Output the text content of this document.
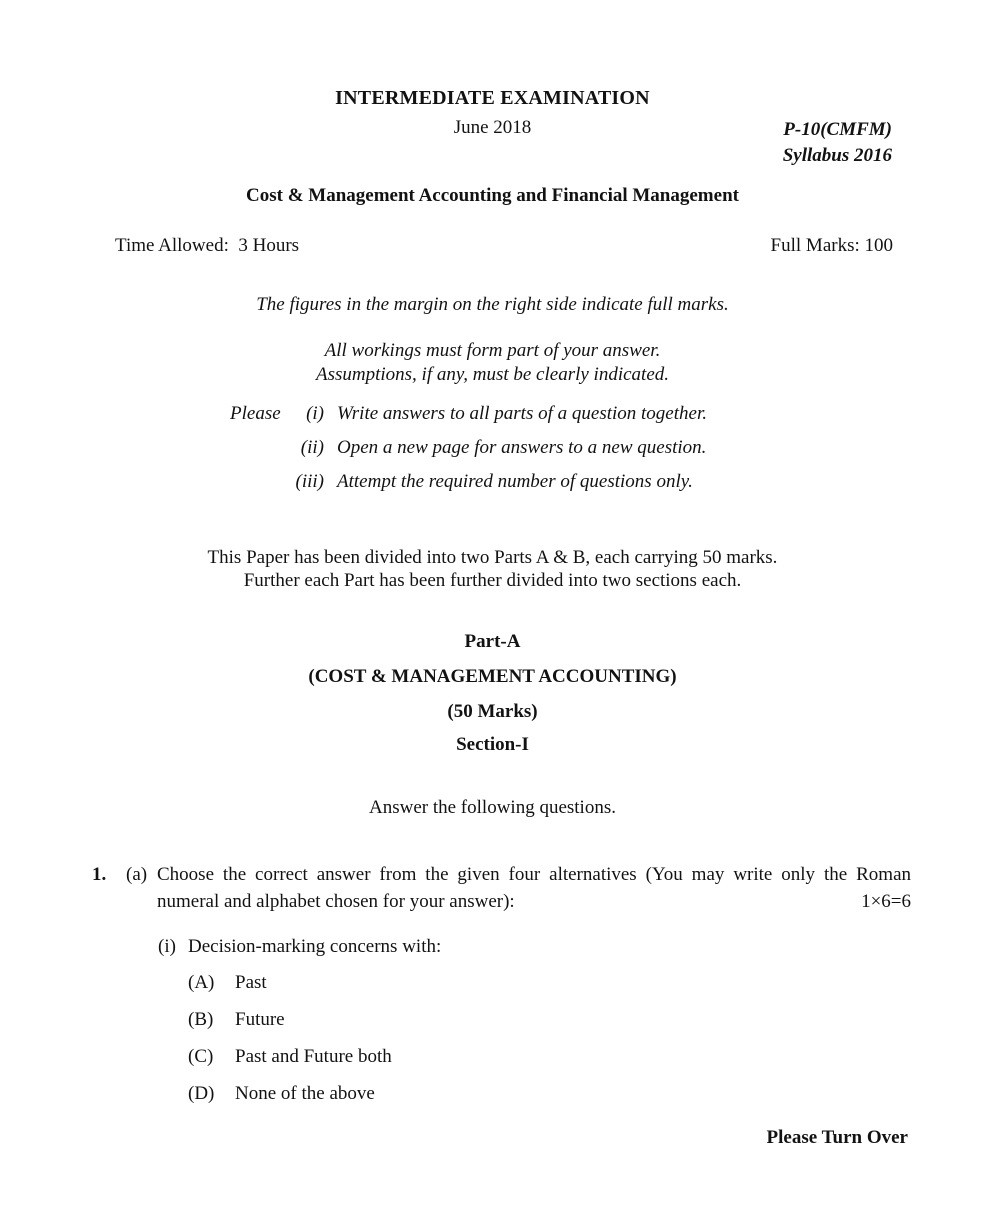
INTERMEDIATE EXAMINATION
June 2018	P-10(CMFM)
Syllabus 2016
Cost & Management Accounting and Financial Management
Time Allowed:  3 Hours	Full Marks: 100
The figures in the margin on the right side indicate full marks.
All workings must form part of your answer.
Assumptions, if any, must be clearly indicated.
Please	(i) Write answers to all parts of a question together.
(ii) Open a new page for answers to a new question.
(iii) Attempt the required number of questions only.
This Paper has been divided into two Parts A & B, each carrying 50 marks.
Further each Part has been further divided into two sections each.
Part-A
(COST & MANAGEMENT ACCOUNTING)
(50 Marks)
Section-I
Answer the following questions.
1.	(a) Choose the correct answer from the given four alternatives (You may write only the Roman
numeral and alphabet chosen for your answer):	1×6=6
(i) Decision-marking concerns with:
(A)	Past
(B)	Future
(C)	Past and Future both
(D)	None of the above
Please Turn Over
